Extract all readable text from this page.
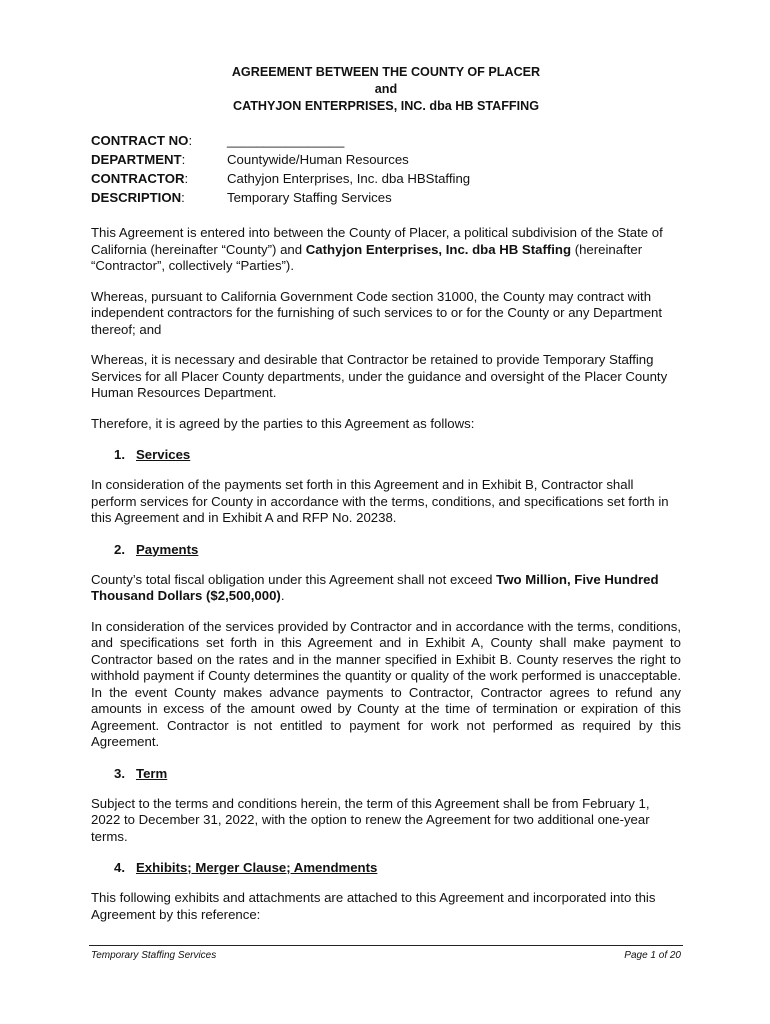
AGREEMENT BETWEEN THE COUNTY OF PLACER
and
CATHYJON ENTERPRISES, INC. dba HB STAFFING
CONTRACT NO:	________________
DEPARTMENT:	Countywide/Human Resources
CONTRACTOR:	Cathyjon Enterprises, Inc. dba HBStaffing
DESCRIPTION:	Temporary Staffing Services

This Agreement is entered into between the County of Placer, a political subdivision of the State of California (hereinafter “County”) and Cathyjon Enterprises, Inc. dba HB Staffing (hereinafter “Contractor”, collectively “Parties”).

Whereas, pursuant to California Government Code section 31000, the County may contract with independent contractors for the furnishing of such services to or for the County or any Department thereof; and

Whereas, it is necessary and desirable that Contractor be retained to provide Temporary Staffing Services for all Placer County departments, under the guidance and oversight of the Placer County Human Resources Department.

Therefore, it is agreed by the parties to this Agreement as follows:

1. Services

In consideration of the payments set forth in this Agreement and in Exhibit B, Contractor shall perform services for County in accordance with the terms, conditions, and specifications set forth in this Agreement and in Exhibit A and RFP No. 20238.

2. Payments

County’s total fiscal obligation under this Agreement shall not exceed Two Million, Five Hundred Thousand Dollars ($2,500,000).

In consideration of the services provided by Contractor and in accordance with the terms, conditions, and specifications set forth in this Agreement and in Exhibit A, County shall make payment to Contractor based on the rates and in the manner specified in Exhibit B. County reserves the right to withhold payment if County determines the quantity or quality of the work performed is unacceptable. In the event County makes advance payments to Contractor, Contractor agrees to refund any amounts in excess of the amount owed by County at the time of termination or expiration of this Agreement. Contractor is not entitled to payment for work not performed as required by this Agreement.

3. Term

Subject to the terms and conditions herein, the term of this Agreement shall be from February 1, 2022 to December 31, 2022, with the option to renew the Agreement for two additional one-year terms.

4. Exhibits; Merger Clause; Amendments

This following exhibits and attachments are attached to this Agreement and incorporated into this Agreement by this reference:

Temporary Staffing Services	Page 1 of 20
